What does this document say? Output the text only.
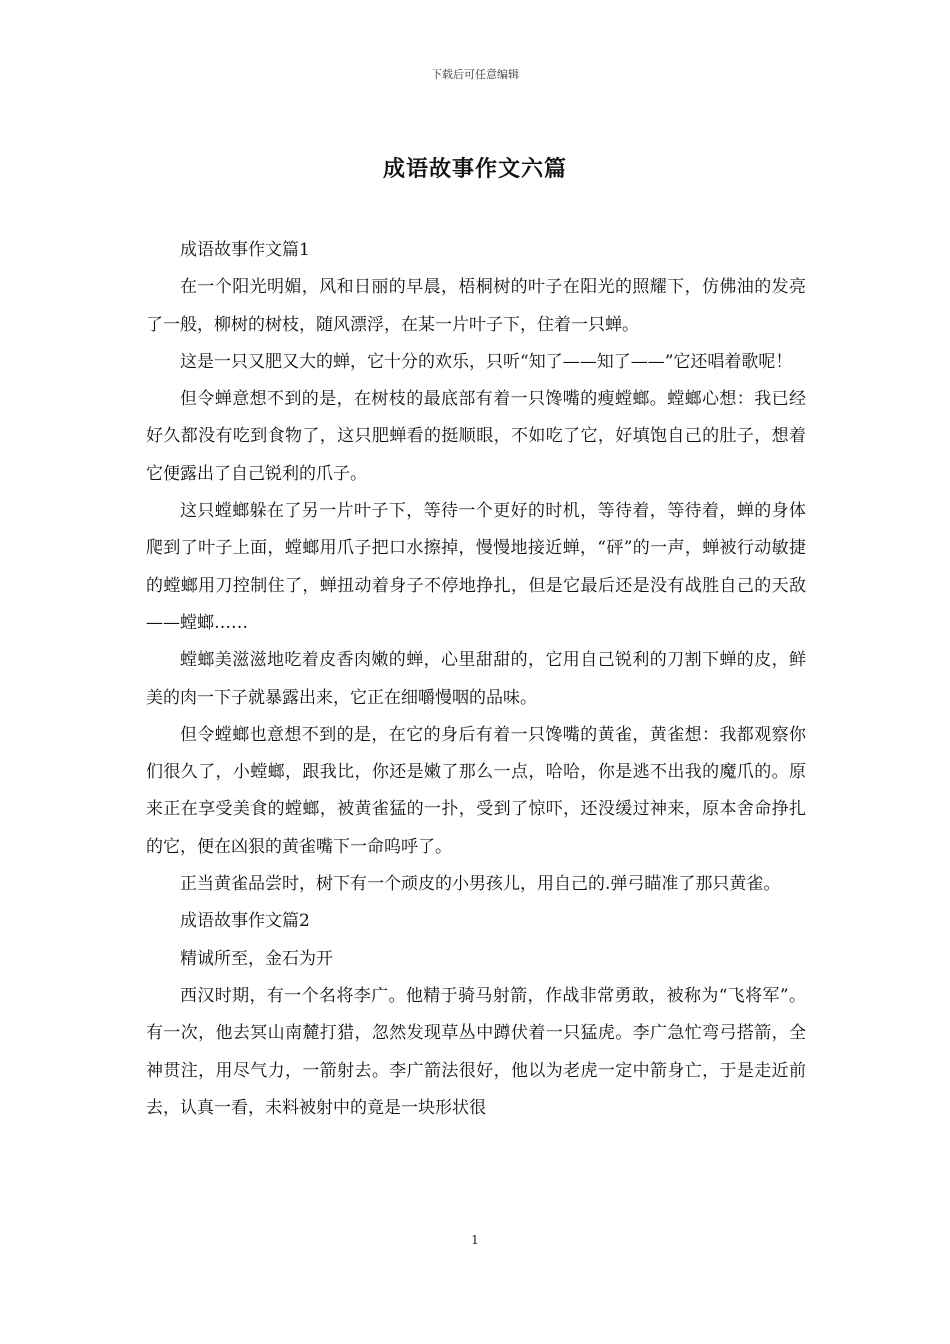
下载后可任意编辑
成语故事作文六篇

成语故事作文篇1

在一个阳光明媚，风和日丽的早晨，梧桐树的叶子在阳光的照耀下，仿佛油的发亮了一般，柳树的树枝，随风漂浮，在某一片叶子下，住着一只蝉。

这是一只又肥又大的蝉，它十分的欢乐，只听“知了——知了——”它还唱着歌呢！

但令蝉意想不到的是，在树枝的最底部有着一只馋嘴的瘦螳螂。螳螂心想：我已经好久都没有吃到食物了，这只肥蝉看的挺顺眼，不如吃了它，好填饱自己的肚子，想着它便露出了自己锐利的爪子。

这只螳螂躲在了另一片叶子下，等待一个更好的时机，等待着，等待着，蝉的身体爬到了叶子上面，螳螂用爪子把口水擦掉，慢慢地接近蝉，“砰”的一声，蝉被行动敏捷的螳螂用刀控制住了，蝉扭动着身子不停地挣扎，但是它最后还是没有战胜自己的天敌——螳螂……

螳螂美滋滋地吃着皮香肉嫩的蝉，心里甜甜的，它用自己锐利的刀割下蝉的皮，鲜美的肉一下子就暴露出来，它正在细嚼慢咽的品味。

但令螳螂也意想不到的是，在它的身后有着一只馋嘴的黄雀，黄雀想：我都观察你们很久了，小螳螂，跟我比，你还是嫩了那么一点，哈哈，你是逃不出我的魔爪的。原来正在享受美食的螳螂，被黄雀猛的一扑，受到了惊吓，还没缓过神来，原本舍命挣扎的它，便在凶狠的黄雀嘴下一命呜呼了。

正当黄雀品尝时，树下有一个顽皮的小男孩儿，用自己的.弹弓瞄准了那只黄雀。

成语故事作文篇2

精诚所至，金石为开

西汉时期，有一个名将李广。他精于骑马射箭，作战非常勇敢，被称为“飞将军”。有一次，他去冥山南麓打猎，忽然发现草丛中蹲伏着一只猛虎。李广急忙弯弓搭箭，全神贯注，用尽气力，一箭射去。李广箭法很好，他以为老虎一定中箭身亡，于是走近前去，认真一看，未料被射中的竟是一块形状很

1
